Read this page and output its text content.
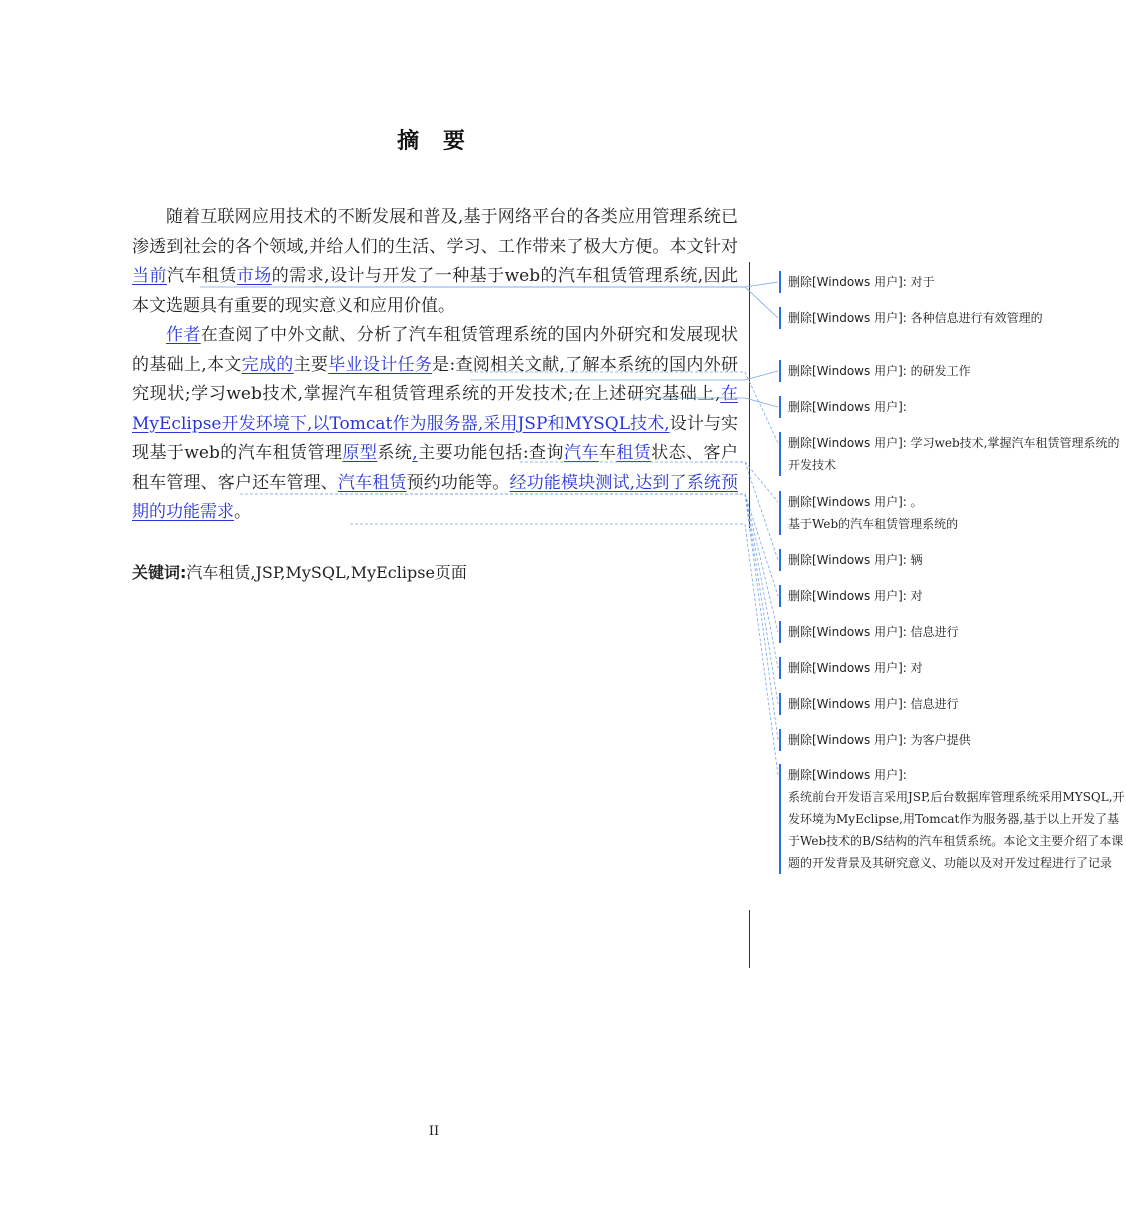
摘 要

随着互联网应用技术的不断发展和普及,基于网络平台的各类应用管理系统已渗透到社会的各个领域,并给人们的生活、学习、工作带来了极大方便。本文针对当前汽车租赁市场的需求,设计与开发了一种基于web的汽车租赁管理系统,因此本文选题具有重要的现实意义和应用价值。

作者在查阅了中外文献、分析了汽车租赁管理系统的国内外研究和发展现状的基础上,本文完成的主要毕业设计任务是:查阅相关文献,了解本系统的国内外研究现状;学习web技术,掌握汽车租赁管理系统的开发技术;在上述研究基础上,在MyEclipse开发环境下,以Tomcat作为服务器,采用JSP和MYSQL技术,设计与实现基于web的汽车租赁管理原型系统,主要功能包括:查询汽车车租赁状态、客户租车管理、客户还车管理、汽车租赁预约功能等。经功能模块测试,达到了系统预期的功能需求。

关键词:汽车租赁,JSP,MySQL,MyEclipse页面
删除[Windows 用户]: 对于
删除[Windows 用户]: 各种信息进行有效管理的
删除[Windows 用户]: 的研发工作
删除[Windows 用户]:
删除[Windows 用户]: 学习web技术,掌握汽车租赁管理系统的开发技术
删除[Windows 用户]: 。
基于Web的汽车租赁管理系统的
删除[Windows 用户]: 辆
删除[Windows 用户]: 对
删除[Windows 用户]: 信息进行
删除[Windows 用户]: 对
删除[Windows 用户]: 信息进行
删除[Windows 用户]: 为客户提供
删除[Windows 用户]:
系统前台开发语言采用JSP,后台数据库管理系统采用MYSQL,开发环境为MyEclipse,用Tomcat作为服务器,基于以上开发了基于Web技术的B/S结构的汽车租赁系统。本论文主要介绍了本课题的开发背景及其研究意义、功能以及对开发过程进行了记录
II
